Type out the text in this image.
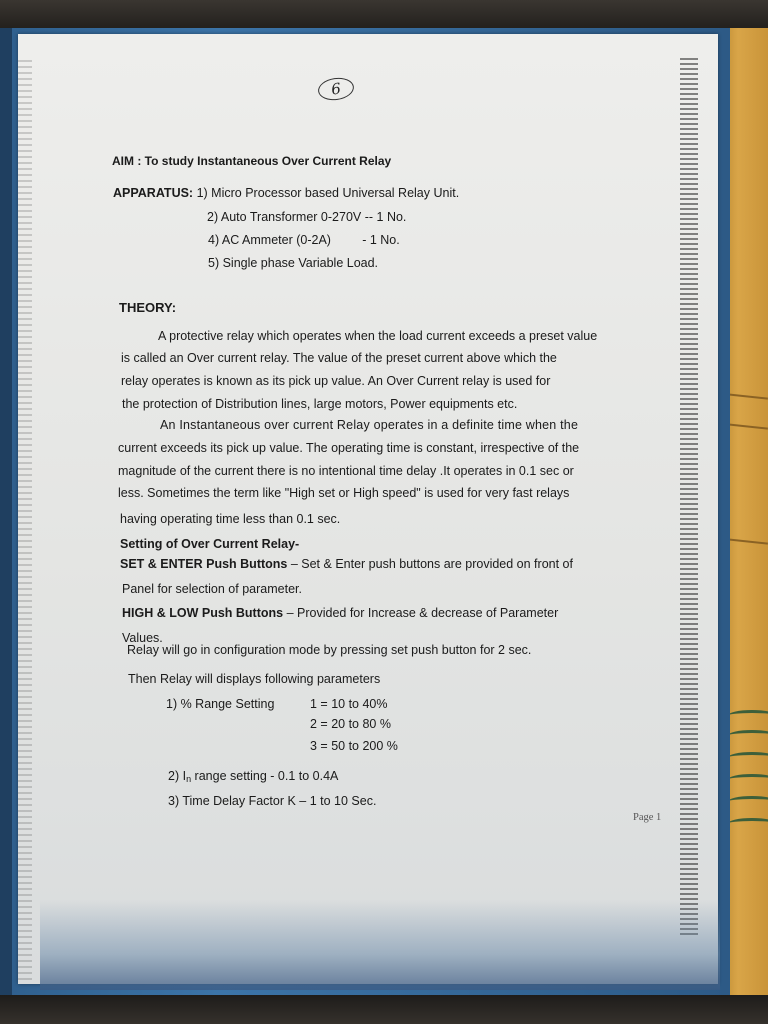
6
AIM : To study Instantaneous Over Current Relay
APPARATUS: 1) Micro Processor based Universal Relay Unit.
2) Auto Transformer 0-270V -- 1 No.
4) AC Ammeter (0-2A)         - 1 No.
5) Single phase Variable Load.
THEORY:
A protective relay which operates when the load current exceeds a preset value
is called an Over current relay. The value of the preset current above which the
relay operates is known as its pick up value. An Over Current relay is used for
the protection of Distribution lines, large motors, Power equipments etc.
An Instantaneous over current Relay operates in a definite time when the
current exceeds its pick up value. The operating time is constant, irrespective of the
magnitude of the current there is no intentional time delay .It operates in 0.1 sec or
less. Sometimes the term like "High set or High speed" is used for very fast relays
having operating time less than 0.1 sec.
Setting of Over Current Relay-
SET & ENTER Push Buttons – Set & Enter push buttons are provided on front of
Panel for selection of parameter.
HIGH & LOW Push Buttons – Provided for Increase & decrease of Parameter
Values.
Relay will go in configuration mode by pressing set push button for 2 sec.
Then Relay will displays following parameters
1) % Range Setting	1 = 10 to 40%
2 = 20 to 80 %
3 = 50 to 200 %
2) $I_n$ range setting - 0.1 to 0.4A
3) Time Delay Factor K – 1 to 10 Sec.
Page 1
